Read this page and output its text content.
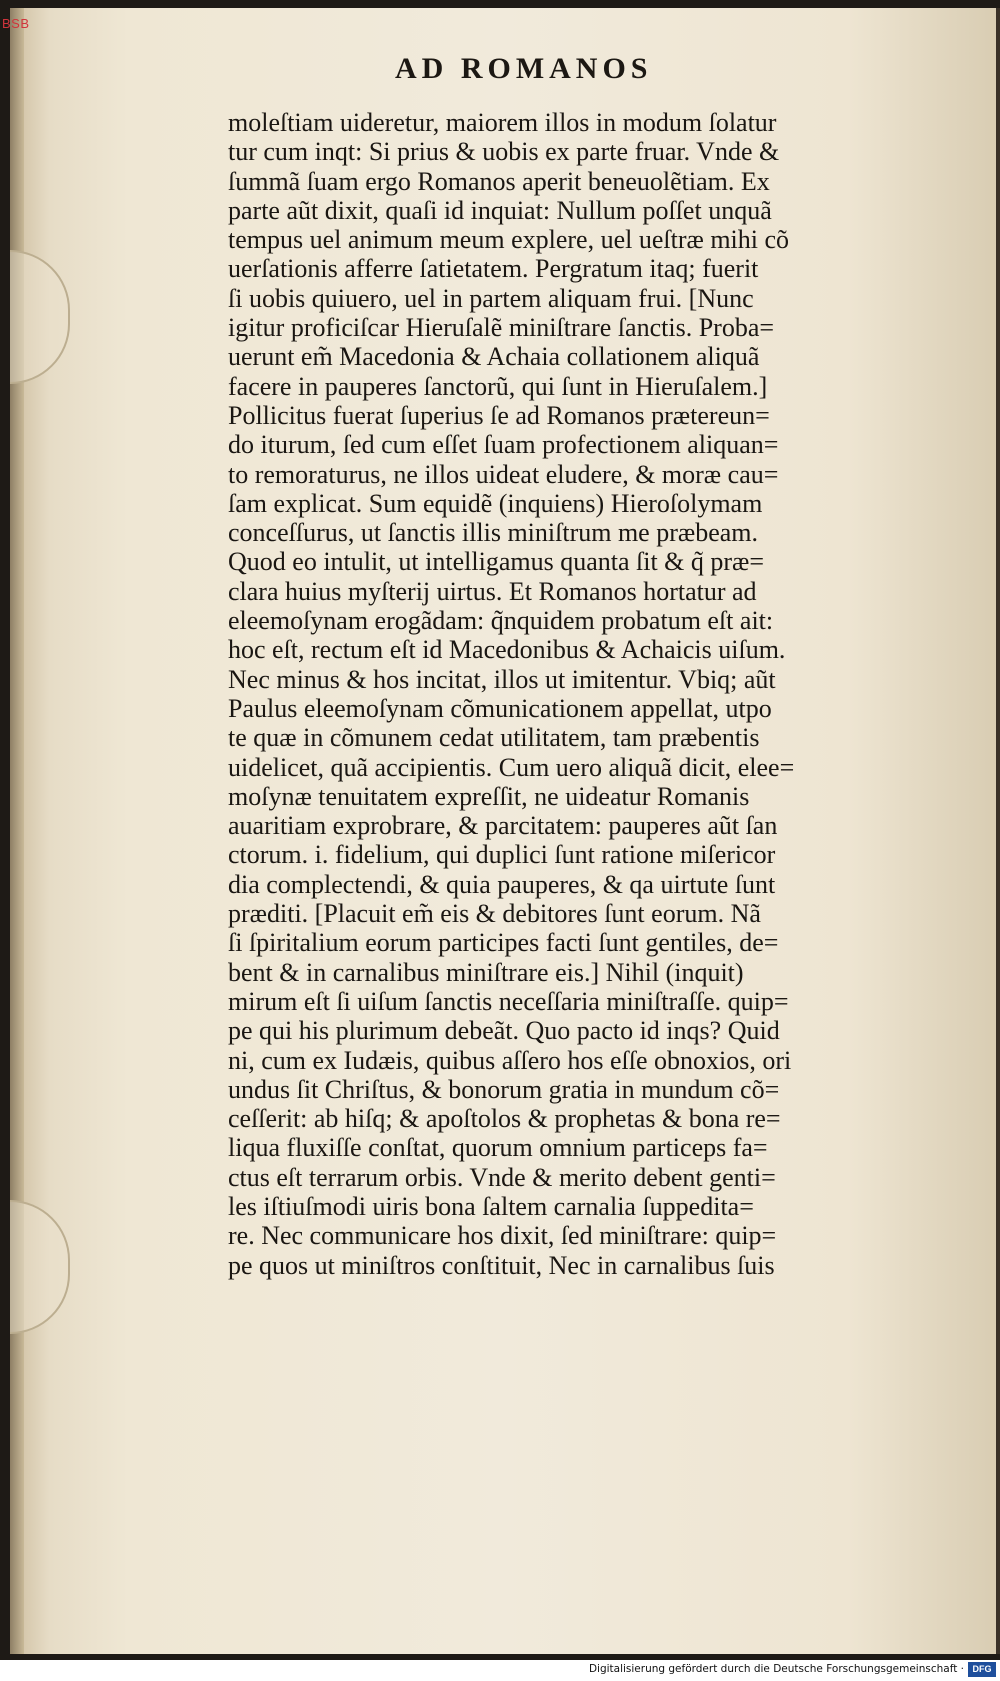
BSB
AD ROMANOS
moleſtiam uideretur, maiorem illos in modum ſolatur
tur cum inqt: Si prius & uobis ex parte fruar. Vnde &
ſummã ſuam ergo Romanos aperit beneuolẽtiam. Ex
parte aũt dixit, quaſi id inquiat: Nullum poſſet unquã
tempus uel animum meum explere, uel ueſtræ mihi cõ
uerſationis afferre ſatietatem. Pergratum itaq; fuerit
ſi uobis quiuero, uel in partem aliquam frui. [Nunc
igitur proficiſcar Hieruſalẽ miniſtrare ſanctis. Proba=
uerunt em̃ Macedonia & Achaia collationem aliquã
facere in pauperes ſanctorũ, qui ſunt in Hieruſalem.]
Pollicitus fuerat ſuperius ſe ad Romanos prætereun=
do iturum, ſed cum eſſet ſuam profectionem aliquan=
to remoraturus, ne illos uideat eludere, & moræ cau=
ſam explicat. Sum equidẽ (inquiens) Hieroſolymam
conceſſurus, ut ſanctis illis miniſtrum me præbeam.
Quod eo intulit, ut intelligamus quanta ſit & q̃ præ=
clara huius myſterij uirtus. Et Romanos hortatur ad
eleemoſynam erogãdam: q̃nquidem probatum eſt ait:
hoc eſt, rectum eſt id Macedonibus & Achaicis uiſum.
Nec minus & hos incitat, illos ut imitentur. Vbiq; aũt
Paulus eleemoſynam cõmunicationem appellat, utpo
te quæ in cõmunem cedat utilitatem, tam præbentis
uidelicet, quã accipientis. Cum uero aliquã dicit, elee=
moſynæ tenuitatem expreſſit, ne uideatur Romanis
auaritiam exprobrare, & parcitatem: pauperes aũt ſan
ctorum. i. fidelium, qui duplici ſunt ratione miſericor
dia complectendi, & quia pauperes, & qa uirtute ſunt
præditi. [Placuit em̃ eis & debitores ſunt eorum. Nã
ſi ſpiritalium eorum participes facti ſunt gentiles, de=
bent & in carnalibus miniſtrare eis.] Nihil (inquit)
mirum eſt ſi uiſum ſanctis neceſſaria miniſtraſſe. quip=
pe qui his plurimum debeãt. Quo pacto id inqs? Quid
ni, cum ex Iudæis, quibus aſſero hos eſſe obnoxios, ori
undus ſit Chriſtus, & bonorum gratia in mundum cõ=
ceſſerit: ab hiſq; & apoſtolos & prophetas & bona re=
liqua fluxiſſe conſtat, quorum omnium particeps fa=
ctus eſt terrarum orbis. Vnde & merito debent genti=
les iſtiuſmodi uiris bona ſaltem carnalia ſuppedita=
re. Nec communicare hos dixit, ſed miniſtrare: quip=
pe quos ut miniſtros conſtituit, Nec in carnalibus ſuis
Digitalisierung gefördert durch die Deutsche Forschungsgemeinschaft · DFG
